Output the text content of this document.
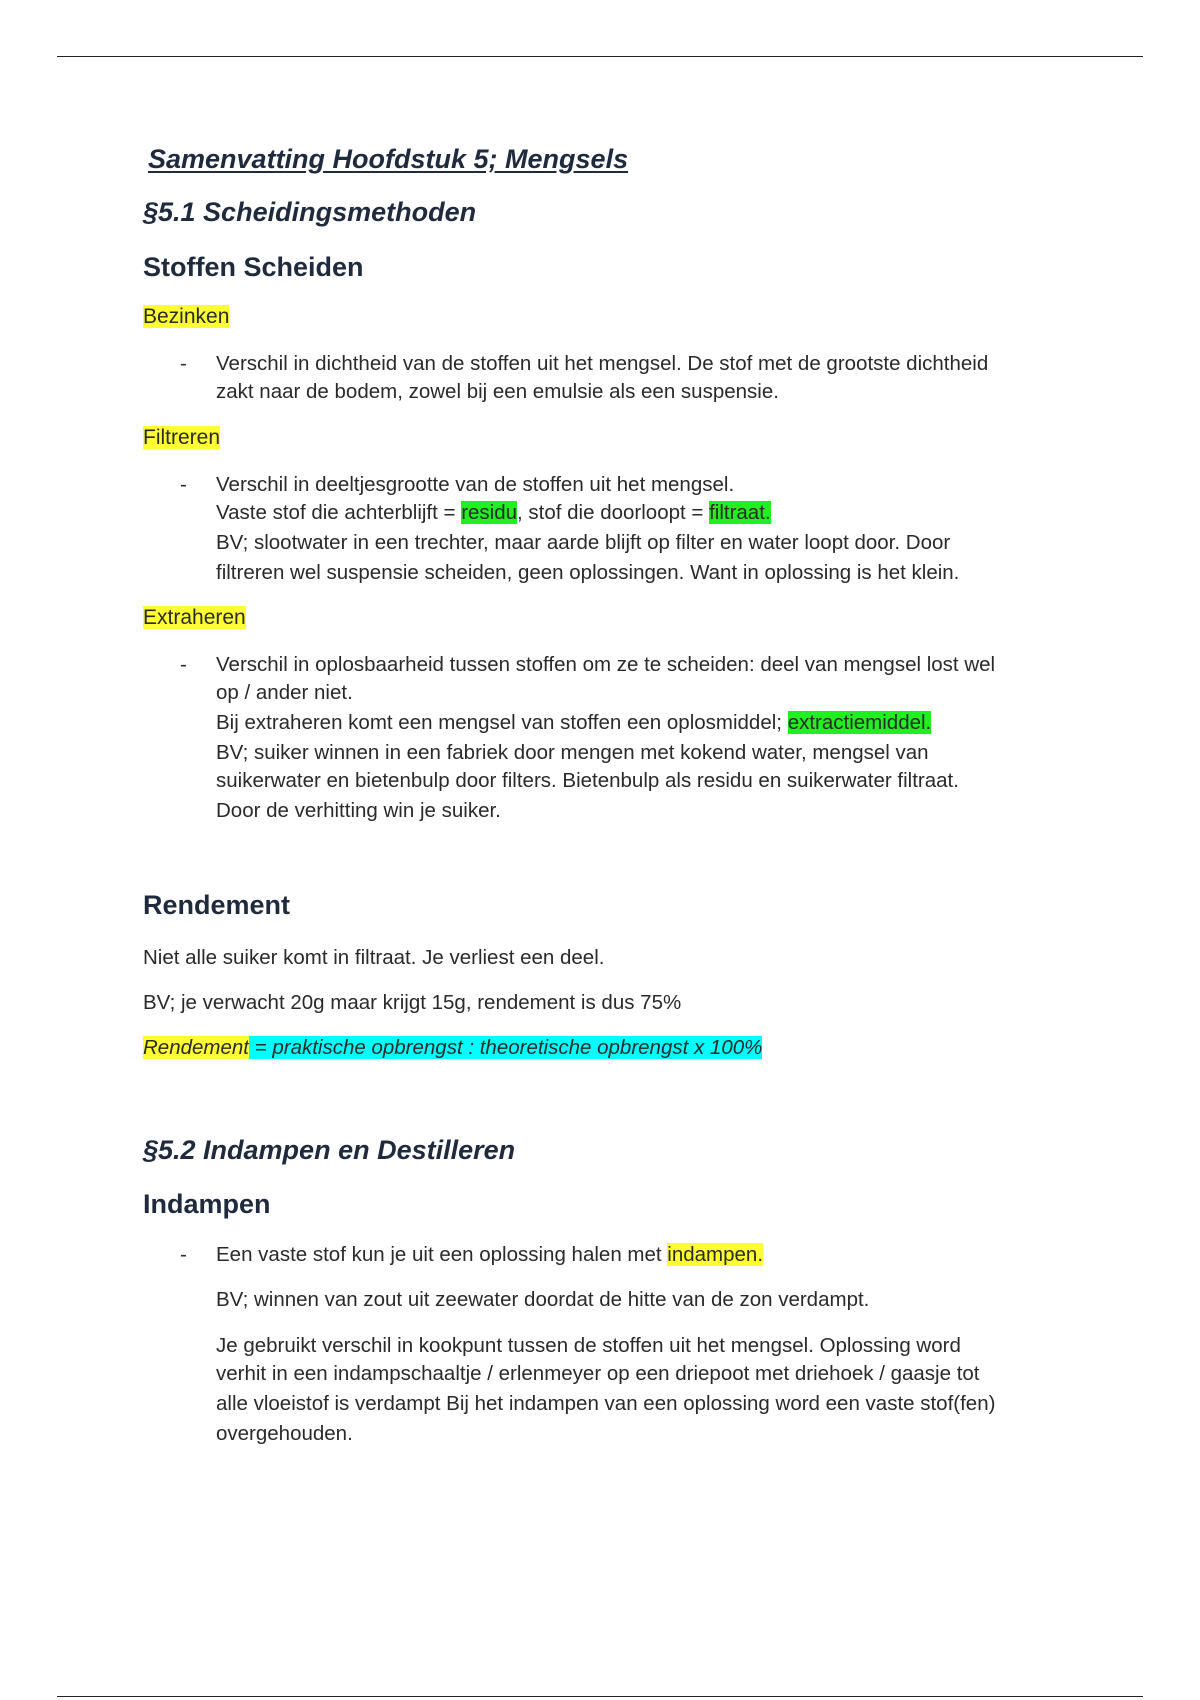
Samenvatting Hoofdstuk 5; Mengsels
§5.1 Scheidingsmethoden
Stoffen Scheiden
Bezinken
- Verschil in dichtheid van de stoffen uit het mengsel. De stof met de grootste dichtheid
zakt naar de bodem, zowel bij een emulsie als een suspensie.
Filtreren
- Verschil in deeltjesgrootte van de stoffen uit het mengsel.
Vaste stof die achterblijft = residu, stof die doorloopt = filtraat.
BV; slootwater in een trechter, maar aarde blijft op filter en water loopt door. Door
filtreren wel suspensie scheiden, geen oplossingen. Want in oplossing is het klein.
Extraheren
- Verschil in oplosbaarheid tussen stoffen om ze te scheiden: deel van mengsel lost wel
op / ander niet.
Bij extraheren komt een mengsel van stoffen een oplosmiddel; extractiemiddel.
BV; suiker winnen in een fabriek door mengen met kokend water, mengsel van
suikerwater en bietenbulp door filters. Bietenbulp als residu en suikerwater filtraat.
Door de verhitting win je suiker.
Rendement
Niet alle suiker komt in filtraat. Je verliest een deel.
BV; je verwacht 20g maar krijgt 15g, rendement is dus 75%
Rendement = praktische opbrengst : theoretische opbrengst x 100%
§5.2 Indampen en Destilleren
Indampen
- Een vaste stof kun je uit een oplossing halen met indampen.
BV; winnen van zout uit zeewater doordat de hitte van de zon verdampt.
Je gebruikt verschil in kookpunt tussen de stoffen uit het mengsel. Oplossing word
verhit in een indampschaaltje / erlenmeyer op een driepoot met driehoek / gaasje tot
alle vloeistof is verdampt Bij het indampen van een oplossing word een vaste stof(fen)
overgehouden.
